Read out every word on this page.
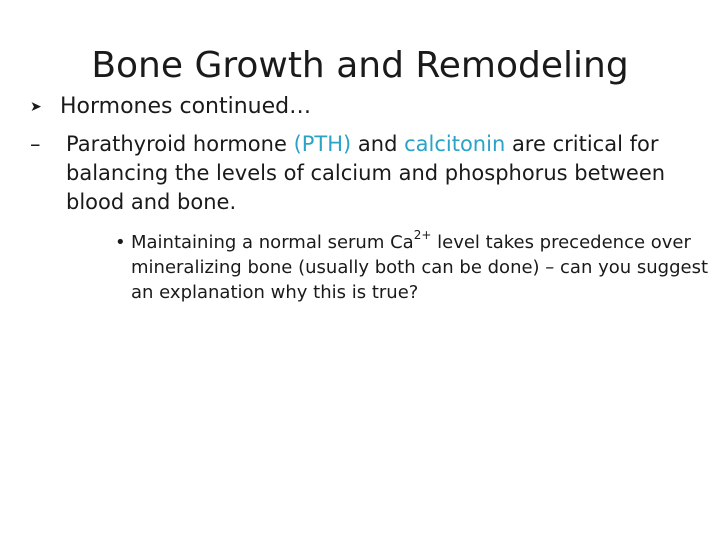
Bone Growth and Remodeling
➤ Hormones continued…
– Parathyroid hormone (PTH) and calcitonin are critical for balancing the levels of calcium and phosphorus between blood and bone.
• Maintaining a normal serum $Ca^{2+}$ level takes precedence over mineralizing bone (usually both can be done) – can you suggest an explanation why this is true?
